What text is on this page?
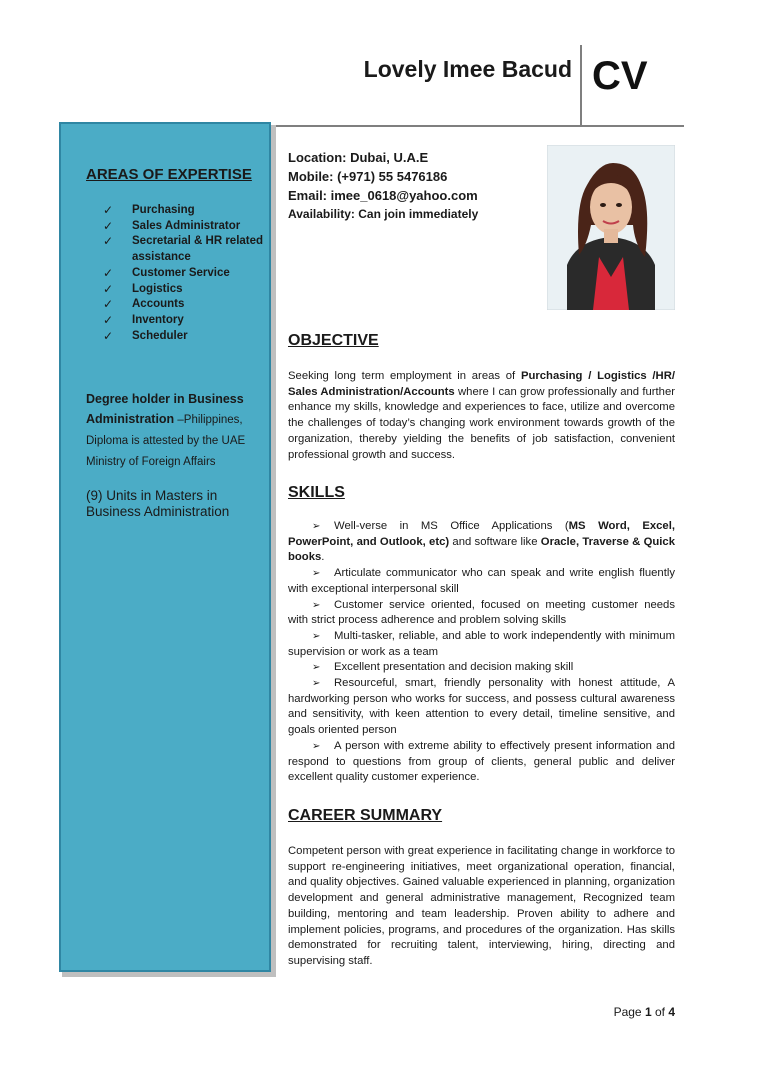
Lovely Imee Bacud CV
AREAS OF EXPERTISE
✓ Purchasing
✓ Sales Administrator
✓ Secretarial & HR related assistance
✓ Customer Service
✓ Logistics
✓ Accounts
✓ Inventory
✓ Scheduler
Degree holder in Business Administration –Philippines, Diploma is attested by the UAE Ministry of Foreign Affairs
(9) Units in Masters in Business Administration
Location: Dubai, U.A.E
Mobile: (+971) 55 5476186
Email: imee_0618@yahoo.com
Availability: Can join immediately
OBJECTIVE
Seeking long term employment in areas of Purchasing / Logistics /HR/ Sales Administration/Accounts where I can grow professionally and further enhance my skills, knowledge and experiences to face, utilize and overcome the challenges of today’s changing work environment towards growth of the organization, thereby yielding the benefits of job satisfaction, convenient professional growth and success.
SKILLS
➢ Well-verse in MS Office Applications (MS Word, Excel, PowerPoint, and Outlook, etc) and software like Oracle, Traverse & Quick books.
➢ Articulate communicator who can speak and write english fluently with exceptional interpersonal skill
➢ Customer service oriented, focused on meeting customer needs with strict process adherence and problem solving skills
➢ Multi-tasker, reliable, and able to work independently with minimum supervision or work as a team
➢ Excellent presentation and decision making skill
➢ Resourceful, smart, friendly personality with honest attitude, A hardworking person who works for success, and possess cultural awareness and sensitivity, with keen attention to every detail, timeline sensitive, and goals oriented person
➢ A person with extreme ability to effectively present information and respond to questions from group of clients, general public and deliver excellent quality customer experience.
CAREER SUMMARY
Competent person with great experience in facilitating change in workforce to support re-engineering initiatives, meet organizational operation, financial, and quality objectives. Gained valuable experienced in planning, organization development and general administrative management, Recognized team building, mentoring and team leadership. Proven ability to adhere and implement policies, programs, and procedures of the organization. Has skills demonstrated for recruiting talent, interviewing, hiring, directing and supervising staff.
Page 1 of 4
